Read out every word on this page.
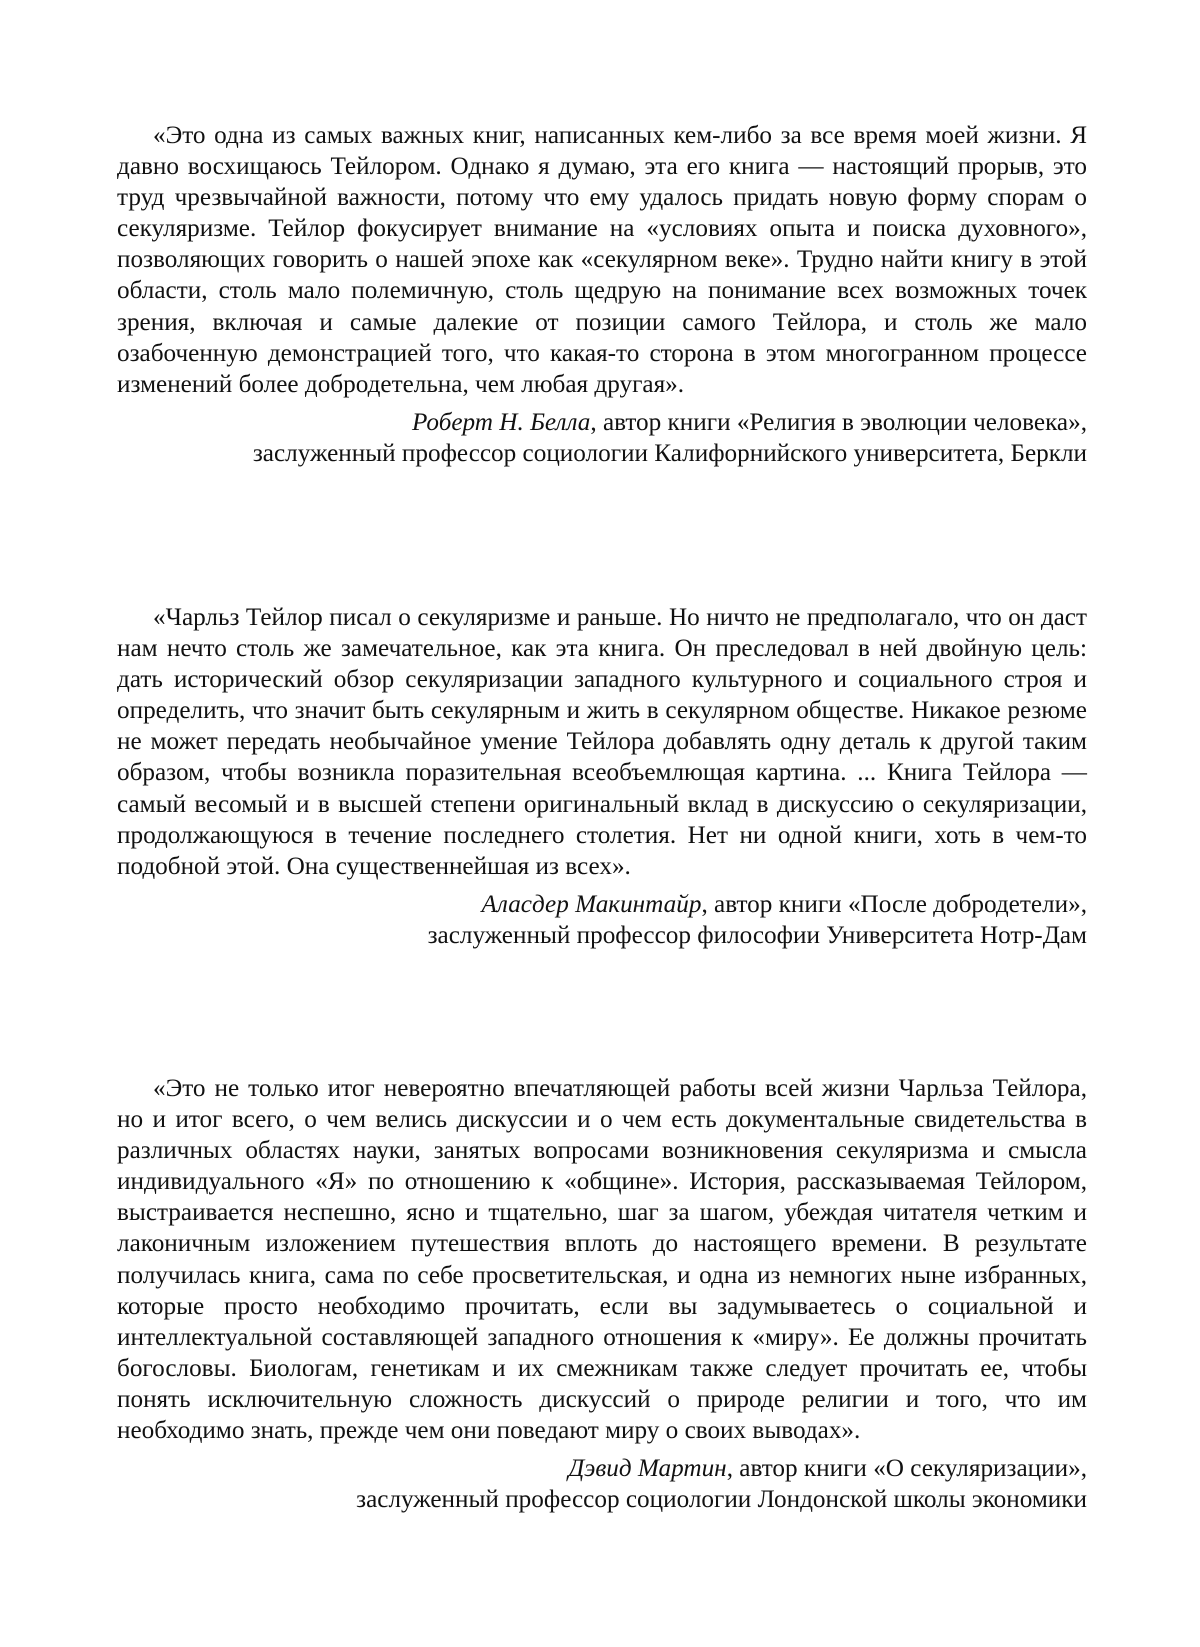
«Это одна из самых важных книг, написанных кем-либо за все время моей жизни. Я давно восхищаюсь Тейлором. Однако я думаю, эта его книга — настоящий прорыв, это труд чрезвычайной важности, потому что ему удалось придать новую форму спорам о секуляризме. Тейлор фокусирует внимание на «условиях опыта и поиска духовного», позволяющих говорить о нашей эпохе как «секулярном веке». Трудно найти книгу в этой области, столь мало полемичную, столь щедрую на понимание всех возможных точек зрения, включая и самые далекие от позиции самого Тейлора, и столь же мало озабоченную демонстрацией того, что какая-то сторона в этом многогранном процессе изменений более добродетельна, чем любая другая».

Роберт Н. Белла, автор книги «Религия в эволюции человека»,
заслуженный профессор социологии Калифорнийского университета, Беркли

«Чарльз Тейлор писал о секуляризме и раньше. Но ничто не предполагало, что он даст нам нечто столь же замечательное, как эта книга. Он преследовал в ней двойную цель: дать исторический обзор секуляризации западного культурного и социального строя и определить, что значит быть секулярным и жить в секулярном обществе. Никакое резюме не может передать необычайное умение Тейлора добавлять одну деталь к другой таким образом, чтобы возникла поразительная всеобъемлющая картина. ... Книга Тейлора — самый весомый и в высшей степени оригинальный вклад в дискуссию о секуляризации, продолжающуюся в течение последнего столетия. Нет ни одной книги, хоть в чем-то подобной этой. Она существеннейшая из всех».

Аласдер Макинтайр, автор книги «После добродетели»,
заслуженный профессор философии Университета Нотр-Дам

«Это не только итог невероятно впечатляющей работы всей жизни Чарльза Тейлора, но и итог всего, о чем велись дискуссии и о чем есть документальные свидетельства в различных областях науки, занятых вопросами возникновения секуляризма и смысла индивидуального «Я» по отношению к «общине». История, рассказываемая Тейлором, выстраивается неспешно, ясно и тщательно, шаг за шагом, убеждая читателя четким и лаконичным изложением путешествия вплоть до настоящего времени. В результате получилась книга, сама по себе просветительская, и одна из немногих ныне избранных, которые просто необходимо прочитать, если вы задумываетесь о социальной и интеллектуальной составляющей западного отношения к «миру». Ее должны прочитать богословы. Биологам, генетикам и их смежникам также следует прочитать ее, чтобы понять исключительную сложность дискуссий о природе религии и того, что им необходимо знать, прежде чем они поведают миру о своих выводах».

Дэвид Мартин, автор книги «О секуляризации»,
заслуженный профессор социологии Лондонской школы экономики
